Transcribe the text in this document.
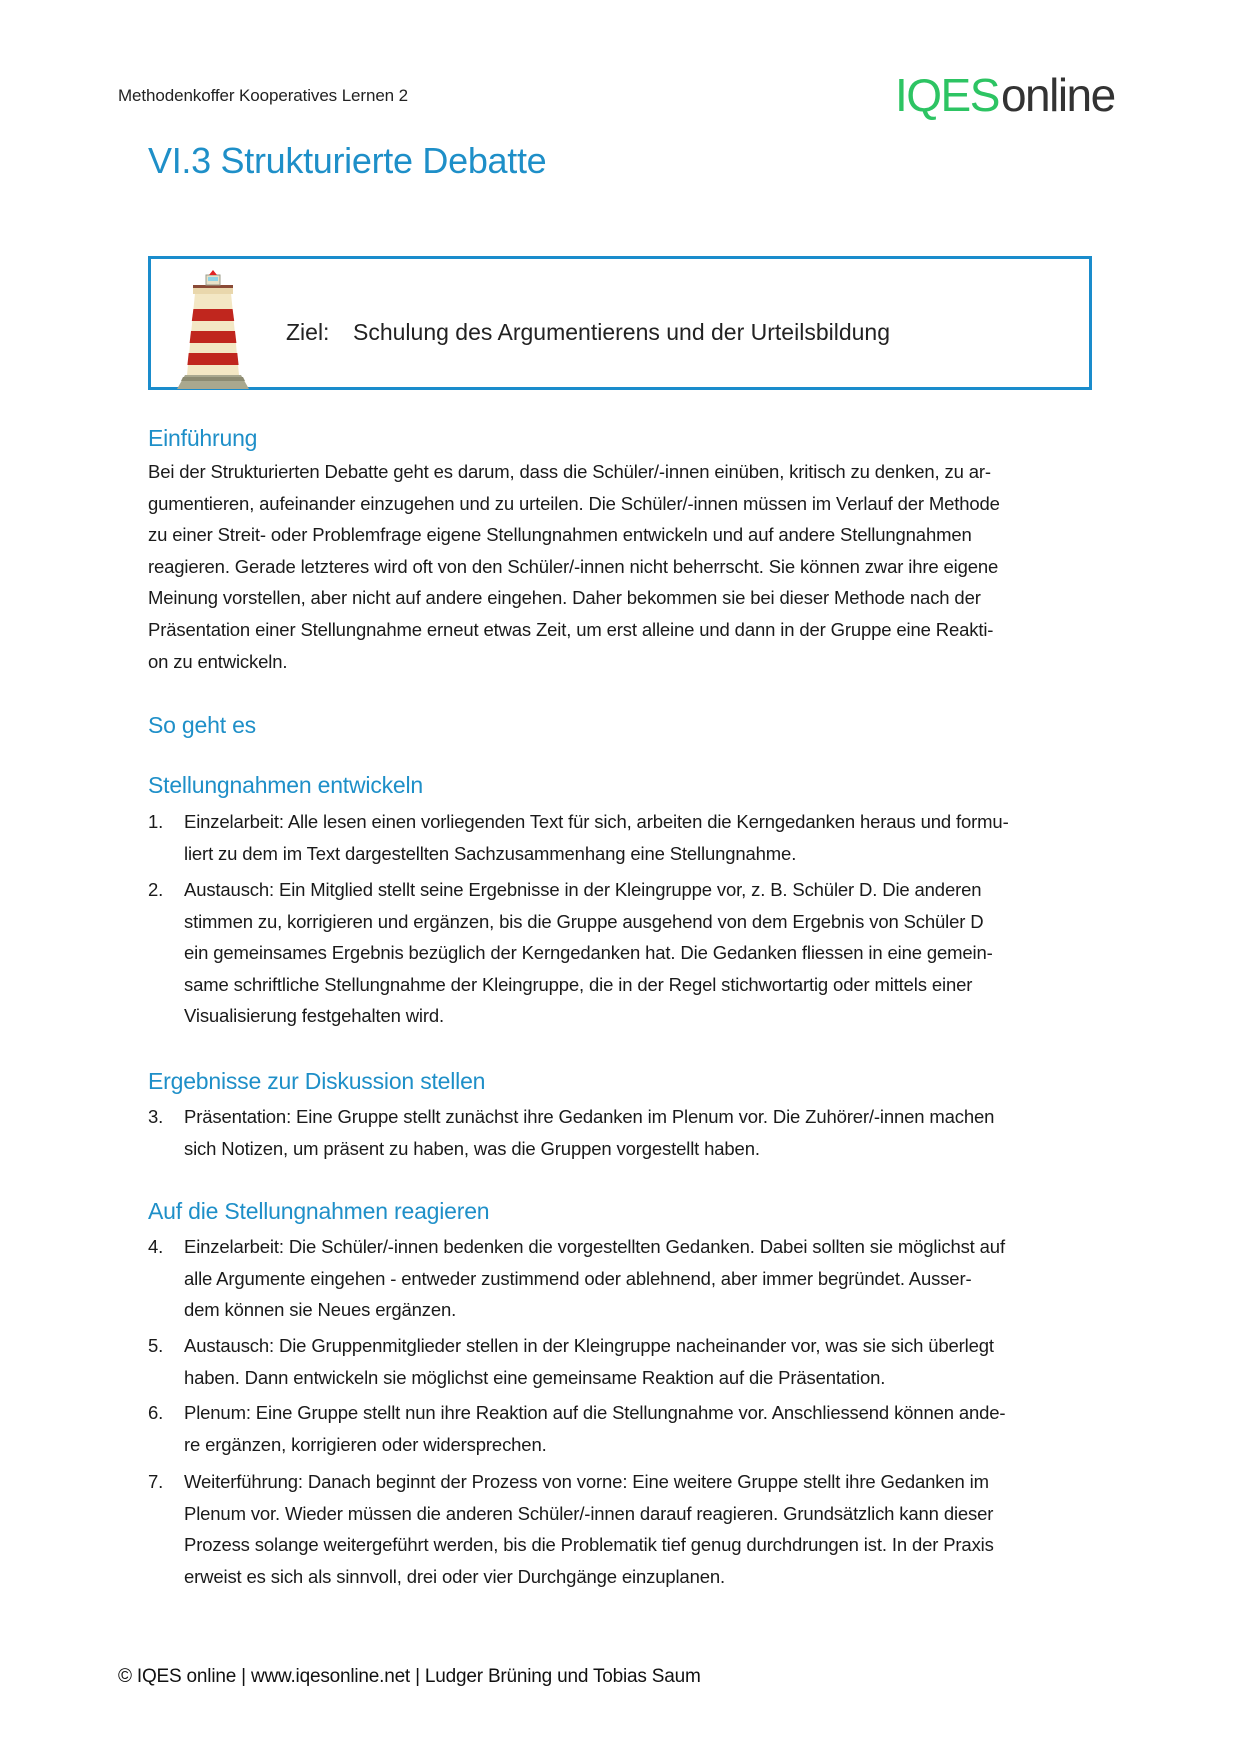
Methodenkoffer Kooperatives Lernen 2	IQESonline
VI.3 Strukturierte Debatte
Ziel: Schulung des Argumentierens und der Urteilsbildung
Einführung
Bei der Strukturierten Debatte geht es darum, dass die Schüler/-innen einüben, kritisch zu denken, zu ar-
gumentieren, aufeinander einzugehen und zu urteilen. Die Schüler/-innen müssen im Verlauf der Methode
zu einer Streit- oder Problemfrage eigene Stellungnahmen entwickeln und auf andere Stellungnahmen
reagieren. Gerade letzteres wird oft von den Schüler/-innen nicht beherrscht. Sie können zwar ihre eigene
Meinung vorstellen, aber nicht auf andere eingehen. Daher bekommen sie bei dieser Methode nach der
Präsentation einer Stellungnahme erneut etwas Zeit, um erst alleine und dann in der Gruppe eine Reakti-
on zu entwickeln.
So geht es
Stellungnahmen entwickeln
1. Einzelarbeit: Alle lesen einen vorliegenden Text für sich, arbeiten die Kerngedanken heraus und formu-
liert zu dem im Text dargestellten Sachzusammenhang eine Stellungnahme.
2. Austausch: Ein Mitglied stellt seine Ergebnisse in der Kleingruppe vor, z. B. Schüler D. Die anderen
stimmen zu, korrigieren und ergänzen, bis die Gruppe ausgehend von dem Ergebnis von Schüler D
ein gemeinsames Ergebnis bezüglich der Kerngedanken hat. Die Gedanken fliessen in eine gemein-
same schriftliche Stellungnahme der Kleingruppe, die in der Regel stichwortartig oder mittels einer
Visualisierung festgehalten wird.
Ergebnisse zur Diskussion stellen
3. Präsentation: Eine Gruppe stellt zunächst ihre Gedanken im Plenum vor. Die Zuhörer/-innen machen
sich Notizen, um präsent zu haben, was die Gruppen vorgestellt haben.
Auf die Stellungnahmen reagieren
4. Einzelarbeit: Die Schüler/-innen bedenken die vorgestellten Gedanken. Dabei sollten sie möglichst auf
alle Argumente eingehen - entweder zustimmend oder ablehnend, aber immer begründet. Ausser-
dem können sie Neues ergänzen.
5. Austausch: Die Gruppenmitglieder stellen in der Kleingruppe nacheinander vor, was sie sich überlegt
haben. Dann entwickeln sie möglichst eine gemeinsame Reaktion auf die Präsentation.
6. Plenum: Eine Gruppe stellt nun ihre Reaktion auf die Stellungnahme vor. Anschliessend können ande-
re ergänzen, korrigieren oder widersprechen.
7. Weiterführung: Danach beginnt der Prozess von vorne: Eine weitere Gruppe stellt ihre Gedanken im
Plenum vor. Wieder müssen die anderen Schüler/-innen darauf reagieren. Grundsätzlich kann dieser
Prozess solange weitergeführt werden, bis die Problematik tief genug durchdrungen ist. In der Praxis
erweist es sich als sinnvoll, drei oder vier Durchgänge einzuplanen.
© IQES online | www.iqesonline.net | Ludger Brüning und Tobias Saum
